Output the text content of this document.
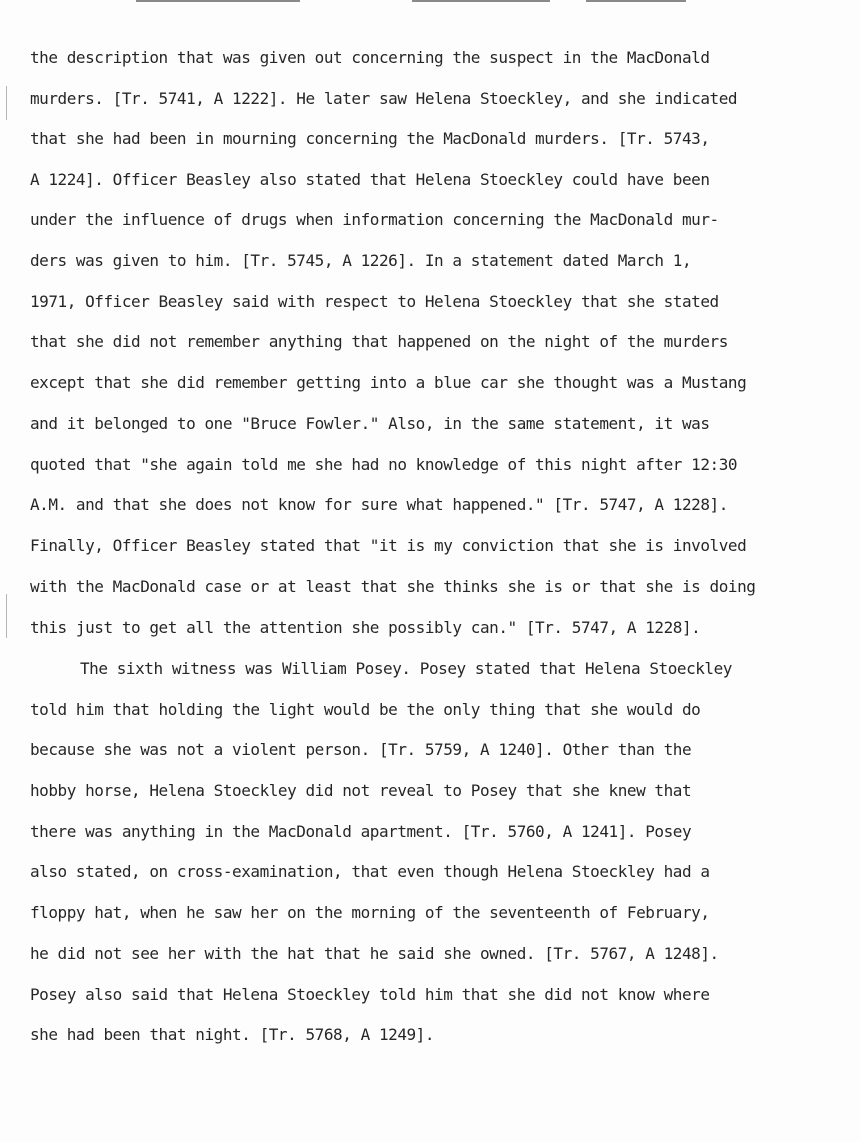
the description that was given out concerning the suspect in the MacDonald

murders. [Tr. 5741, A 1222]. He later saw Helena Stoeckley, and she indicated

that she had been in mourning concerning the MacDonald murders. [Tr. 5743,

A 1224]. Officer Beasley also stated that Helena Stoeckley could have been

under the influence of drugs when information concerning the MacDonald mur-

ders was given to him. [Tr. 5745, A 1226]. In a statement dated March 1,

1971, Officer Beasley said with respect to Helena Stoeckley that she stated

that she did not remember anything that happened on the night of the murders

except that she did remember getting into a blue car she thought was a Mustang

and it belonged to one "Bruce Fowler." Also, in the same statement, it was

quoted that "she again told me she had no knowledge of this night after 12:30

A.M. and that she does not know for sure what happened." [Tr. 5747, A 1228].

Finally, Officer Beasley stated that "it is my conviction that she is involved

with the MacDonald case or at least that she thinks she is or that she is doing

this just to get all the attention she possibly can." [Tr. 5747, A 1228].

The sixth witness was William Posey. Posey stated that Helena Stoeckley

told him that holding the light would be the only thing that she would do

because she was not a violent person. [Tr. 5759, A 1240]. Other than the

hobby horse, Helena Stoeckley did not reveal to Posey that she knew that

there was anything in the MacDonald apartment. [Tr. 5760, A 1241]. Posey

also stated, on cross-examination, that even though Helena Stoeckley had a

floppy hat, when he saw her on the morning of the seventeenth of February,

he did not see her with the hat that he said she owned. [Tr. 5767, A 1248].

Posey also said that Helena Stoeckley told him that she did not know where

she had been that night. [Tr. 5768, A 1249].
